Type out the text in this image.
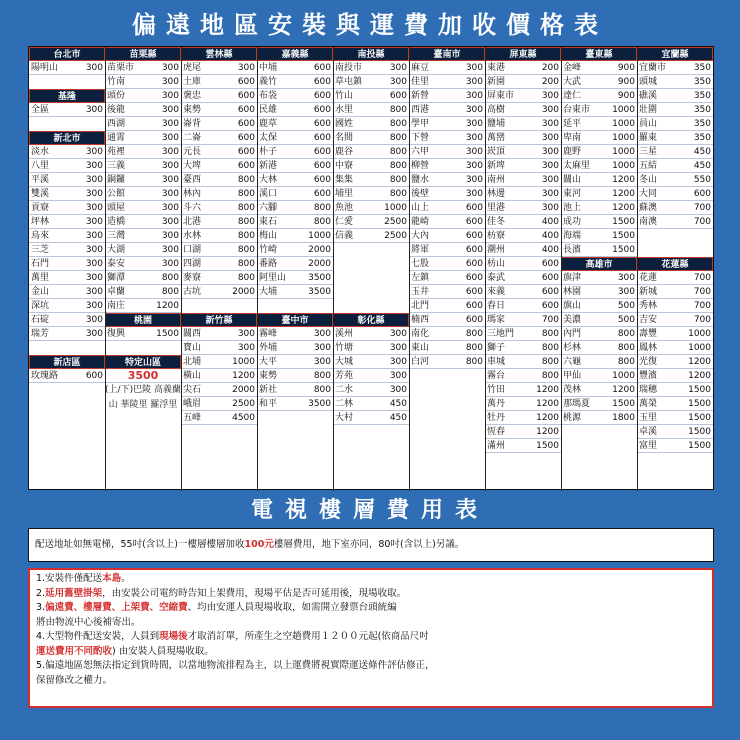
偏遠地區安裝與運費加收價格表
台北市
陽明山	300
苗栗縣
苗栗市	300
竹南	300
頭份	300
後龍	300
西湖	300
通霄	300
苑裡	300
三義	300
銅鑼	300
公館	300
頭屋	300
造橋	300
三灣	300
大湖	300
泰安	300
獅潭	800
卓蘭	800
南庄	1200
雲林縣
虎尾	300
土庫	600
褒忠	600
東勢	600
崙背	600
二崙	600
元長	600
大埤	600
臺西	800
林內	800
斗六	800
北港	800
水林	800
口湖	800
四湖	800
麥寮	800
古坑	2000
嘉義縣
中埔	600
義竹	600
布袋	600
民雄	600
鹿草	600
太保	600
朴子	600
新港	600
大林	600
溪口	600
六腳	800
東石	800
梅山	1000
竹崎	2000
番路	2000
阿里山 3500
大埔	3500
南投縣
南投市	300
草屯鎮	300
竹山	600
水里	800
國姓	800
名間	800
鹿谷	800
中寮	800
集集	800
埔里	800
魚池	1000
仁愛	2500
信義	2500
臺南市
麻豆	300
佳里	300
新營	300
西港	300
學甲	300
下營	300
六甲	300
柳營	300
鹽水	300
後壁	300
山上	600
龍崎	600
大內	600
將軍	600
七股	600
左鎮	600
玉井	600
北門	600
楠西	600
南化	800
東山	800
白河	800
屏東縣
東港	200
新園	200
屏東市	300
高樹	300
鹽埔	300
萬巒	300
崁頂	300
新埤	300
南州	300
林邊	300
里港	300
佳冬	400
枋寮	400
潮州	400
枋山	600
泰武	600
來義	600
春日	600
瑪家	700
三地門	800
獅子	800
車城	800
霧台	800
竹田	1200
萬丹	1200
牡丹	1200
恆春	1200
滿州	1500
臺東縣
金峰	900
大武	900
達仁	900
台東市 1000
延平	1000
卑南	1000
鹿野	1000
太麻里 1000
關山	1200
東河	1200
池上	1200
成功	1500
海端	1500
長濱	1500
高雄市
旗津	300
林園	300
旗山	500
美濃	500
內門	800
杉林	800
六龜	800
甲仙	1000
茂林	1200
那瑪夏 1500
桃源	1800
宜蘭縣
宜蘭市	350
頭城	350
礁溪	350
壯圍	350
員山	350
羅東	350
三星	450
五結	450
冬山	550
大同	600
蘇澳	700
南澳	700
花蓮縣
花蓮	700
新城	700
秀林	700
吉安	700
壽豐	1000
鳳林	1000
光復	1200
豐濱	1200
瑞穗	1500
萬榮	1500
玉里	1500
卓溪	1500
富里	1500
基隆
全區	300
新北市
淡水	300
八里	300
平溪	300
雙溪	300
貢寮	300
坪林	300
烏來	300
三芝	300
石門	300
萬里	300
金山	300
深坑	300
石碇	300
瑞芳	300
新竹縣
關西	300
寶山	300
北埔	1000
橫山	1200
尖石	2000
峨眉	2500
五峰	4500
臺中市
霧峰	300
外埔	300
大平	300
東勢	800
新社	800
和平	3500
彰化縣
溪州	300
竹塘	300
大城	300
芳苑	300
二水	300
二林	450
大村	450
桃園
復興	1500
新店區
玫瑰路	600
特定山區
3500
(上/下)巴陵 高義蘭山 華陵里 羅浮里
電視樓層費用表
配送地址如無電梯，55吋(含以上)一樓層樓層加收100元樓層費用，地下室亦同，80吋(含以上)另議。
1.安裝件僅配送本島。
2.延用舊壁掛架，由安裝公司電約時告知上架費用，現場平估是否可延用後，現場收取。
3.偏遠費、樓層費、上架費、空縮費、均由安運人員現場收取，如需開立發票台頭統編
將由物流中心後補寄出。
4.大型物件配送安裝，人員到現場後才取消訂單，所產生之空趟費用１２００元起(依商品尺吋
運送費用不同酌收) 由安裝人員現場收取。
5.偏遠地區恕無法指定到貨時間，以當地物流排程為主，以上運費將視實際運送條件評估修正，
保留修改之權力。
